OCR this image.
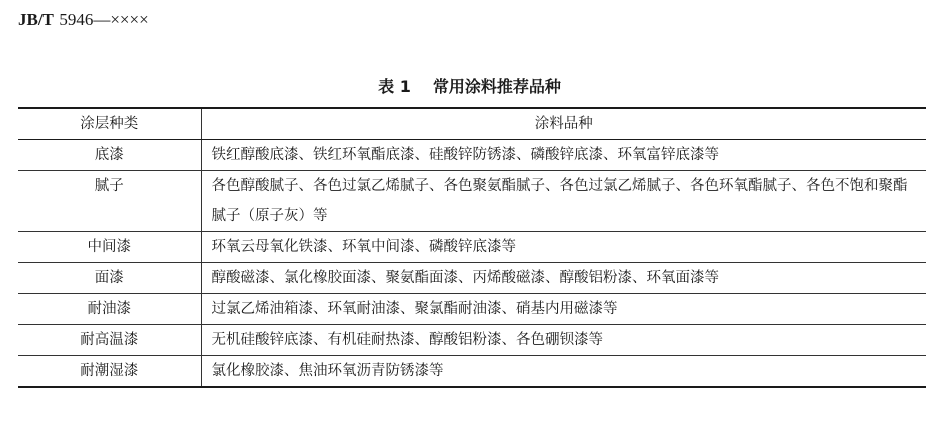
JB/T 5946—××××
表 1 常用涂料推荐品种
涂层种类	涂料品种
底漆	铁红醇酸底漆、铁红环氧酯底漆、硅酸锌防锈漆、磷酸锌底漆、环氧富锌底漆等
腻子	各色醇酸腻子、各色过氯乙烯腻子、各色聚氨酯腻子、各色过氯乙烯腻子、各色环氧酯腻子、各色不饱和聚酯腻子（原子灰）等
中间漆	环氧云母氧化铁漆、环氧中间漆、磷酸锌底漆等
面漆	醇酸磁漆、氯化橡胶面漆、聚氨酯面漆、丙烯酸磁漆、醇酸铝粉漆、环氧面漆等
耐油漆	过氯乙烯油箱漆、环氧耐油漆、聚氯酯耐油漆、硝基内用磁漆等
耐高温漆	无机硅酸锌底漆、有机硅耐热漆、醇酸铝粉漆、各色硼钡漆等
耐潮湿漆	氯化橡胶漆、焦油环氧沥青防锈漆等
